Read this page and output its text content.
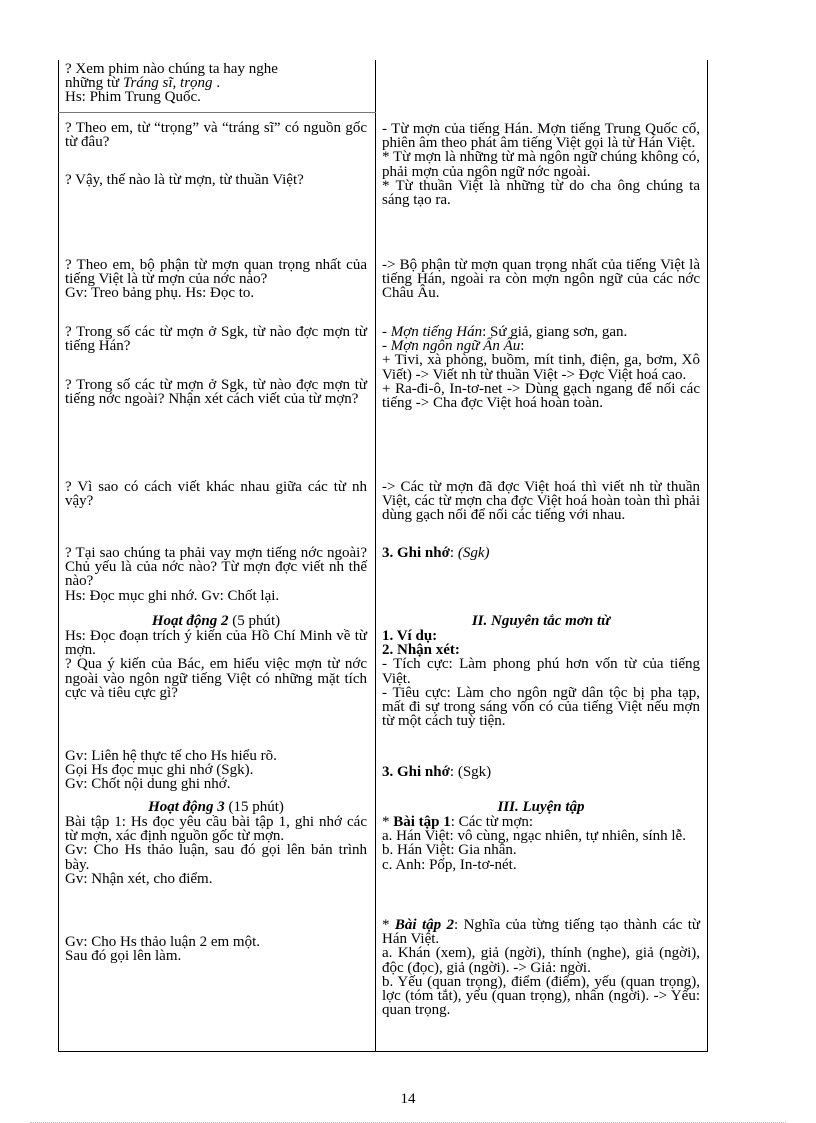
? Xem phim nào chúng ta hay nghe

những từ Tráng sĩ, trọng .

Hs: Phim Trung Quốc.

? Theo em, từ “trọng” và “tráng sĩ” có nguồn gốc từ đâu?

? Vậy, thế nào là từ mợn, từ thuần Việt?

? Theo em, bộ phận từ mợn quan trọng nhất của tiếng Việt là từ mợn của nớc nào?

Gv: Treo bảng phụ. Hs: Đọc to.

? Trong số các từ mợn ở Sgk, từ nào đợc mợn từ tiếng Hán?

? Trong số các từ mợn ở Sgk, từ nào đợc mợn từ tiếng nớc ngoài? Nhận xét cách viết của từ mợn?

? Vì sao có cách viết khác nhau giữa các từ nh vậy?

? Tại sao chúng ta phải vay mợn tiếng nớc ngoài? Chủ yếu là của nớc nào? Từ mợn đợc viết nh thế nào?

Hs: Đọc mục ghi nhớ. Gv: Chốt lại.

Hoạt động 2 (5 phút)

Hs: Đọc đoạn trích ý kiến của Hồ Chí Minh về từ mợn.

? Qua ý kiến của Bác, em hiểu việc mợn từ nớc ngoài vào ngôn ngữ tiếng Việt có những mặt tích cực và tiêu cực gì?

Gv: Liên hệ thực tế cho Hs hiểu rõ.

Gọi Hs đọc mục ghi nhớ (Sgk).

Gv: Chốt nội dung ghi nhớ.

Hoạt động 3 (15 phút)

Bài tập 1: Hs đọc yêu cầu bài tập 1, ghi nhớ các từ mợn, xác định nguồn gốc từ mợn.

Gv: Cho Hs thảo luận, sau đó gọi lên bản trình bày.

Gv: Nhận xét, cho điểm.

Gv: Cho Hs thảo luận 2 em một.

Sau đó gọi lên làm.

- Từ mợn của tiếng Hán. Mợn tiếng Trung Quốc cổ, phiên âm theo phát âm tiếng Việt gọi là từ Hán Việt.

* Từ mợn là những từ mà ngôn ngữ chúng không có, phải mợn của ngôn ngữ nớc ngoài.

* Từ thuần Việt là những từ do cha ông chúng ta sáng tạo ra.

-> Bộ phận từ mợn quan trọng nhất của tiếng Việt là tiếng Hán, ngoài ra còn mợn ngôn ngữ của các nớc Châu Âu.

- Mợn tiếng Hán: Sứ giả, giang sơn, gan.

- Mợn ngôn ngữ Ấn Âu:

+ Tivi, xà phòng, buồm, mít tinh, điện, ga, bơm, Xô Viết) -> Viết nh từ thuần Việt -> Đợc Việt hoá cao.

+ Ra-đi-ô, In-tơ-net -> Dùng gạch ngang để nối các tiếng -> Cha đợc Việt hoá hoàn toàn.

-> Các từ mợn đã đợc Việt hoá thì viết nh từ thuần Việt, các từ mợn cha đợc Việt hoá hoàn toàn thì phải dùng gạch nối để nối các tiếng với nhau.

3. Ghi nhớ: (Sgk)

II. Nguyên tắc mơn từ

1. Ví dụ:

2. Nhận xét:

- Tích cực: Làm phong phú hơn vốn từ của tiếng Việt.

- Tiêu cực: Làm cho ngôn ngữ dân tộc bị pha tạp, mất đi sự trong sáng vốn có của tiếng Việt nếu mợn từ một cách tuỳ tiện.

3. Ghi nhớ: (Sgk)

III. Luyện tập

* Bài tập 1: Các từ mợn:

a. Hán Việt: vô cùng, ngạc nhiên, tự nhiên, sính lễ.

b. Hán Việt: Gia nhân.

c. Anh: Pốp, In-tơ-nét.

* Bài tập 2: Nghĩa của từng tiếng tạo thành các từ Hán Việt.

a. Khán (xem), giả (ngời), thính (nghe), giả (ngời), độc (đọc), giả (ngời). -> Giả: ngời.

b. Yếu (quan trọng), điểm (điểm), yếu (quan trọng), lợc (tóm tắt), yếu (quan trọng), nhân (ngời). -> Yếu: quan trọng.

14
